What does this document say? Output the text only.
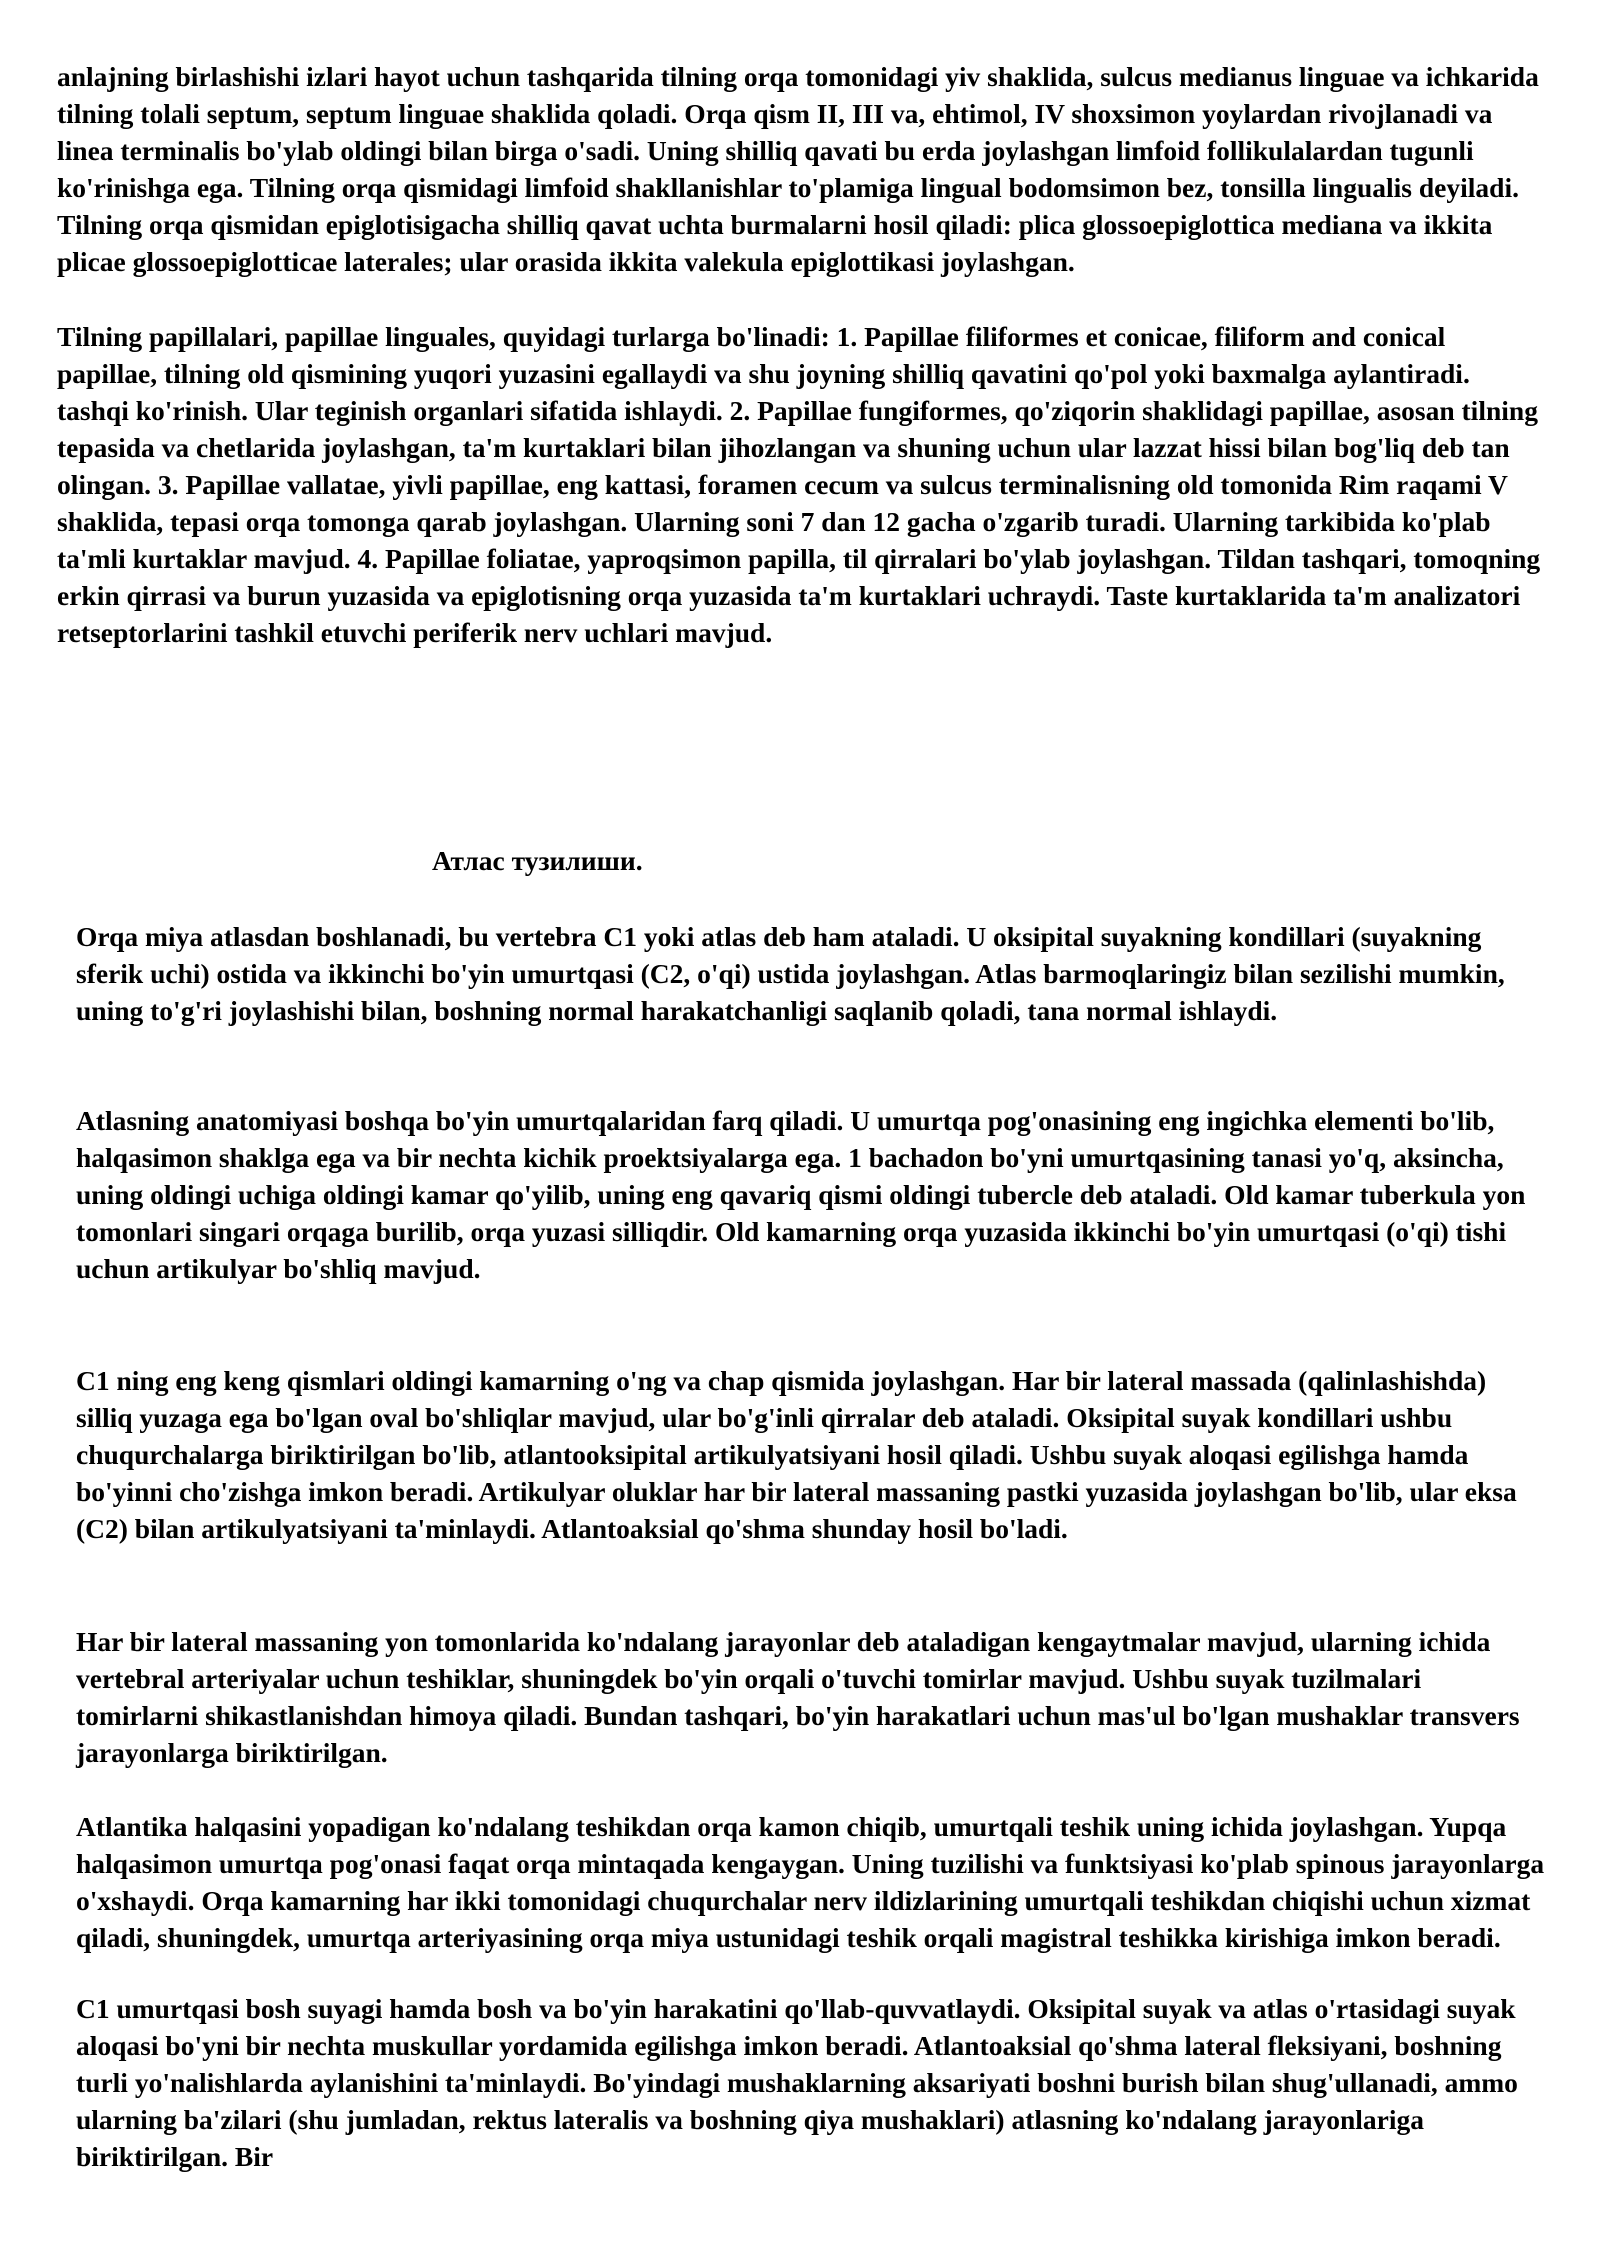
anlajning birlashishi izlari hayot uchun tashqarida tilning orqa tomonidagi yiv shaklida, sulcus medianus linguae va ichkarida tilning tolali septum, septum linguae shaklida qoladi. Orqa qism II, III va, ehtimol, IV shoxsimon yoylardan rivojlanadi va linea terminalis bo'ylab oldingi bilan birga o'sadi. Uning shilliq qavati bu erda joylashgan limfoid follikulalardan tugunli ko'rinishga ega. Tilning orqa qismidagi limfoid shakllanishlar to'plamiga lingual bodomsimon bez, tonsilla lingualis deyiladi. Tilning orqa qismidan epiglotisigacha shilliq qavat uchta burmalarni hosil qiladi: plica glossoepiglottica mediana va ikkita plicae glossoepiglotticae laterales; ular orasida ikkita valekula epiglottikasi joylashgan.

Tilning papillalari, papillae linguales, quyidagi turlarga bo'linadi: 1. Papillae filiformes et conicae, filiform and conical papillae, tilning old qismining yuqori yuzasini egallaydi va shu joyning shilliq qavatini qo'pol yoki baxmalga aylantiradi. tashqi ko'rinish. Ular teginish organlari sifatida ishlaydi. 2. Papillae fungiformes, qo'ziqorin shaklidagi papillae, asosan tilning tepasida va chetlarida joylashgan, ta'm kurtaklari bilan jihozlangan va shuning uchun ular lazzat hissi bilan bog'liq deb tan olingan. 3. Papillae vallatae, yivli papillae, eng kattasi, foramen cecum va sulcus terminalisning old tomonida Rim raqami V shaklida, tepasi orqa tomonga qarab joylashgan. Ularning soni 7 dan 12 gacha o'zgarib turadi. Ularning tarkibida ko'plab ta'mli kurtaklar mavjud. 4. Papillae foliatae, yaproqsimon papilla, til qirralari bo'ylab joylashgan. Tildan tashqari, tomoqning erkin qirrasi va burun yuzasida va epiglotisning orqa yuzasida ta'm kurtaklari uchraydi. Taste kurtaklarida ta'm analizatori retseptorlarini tashkil etuvchi periferik nerv uchlari mavjud.

Атлас тузилиши.

Orqa miya atlasdan boshlanadi, bu vertebra C1 yoki atlas deb ham ataladi. U oksipital suyakning kondillari (suyakning sferik uchi) ostida va ikkinchi bo'yin umurtqasi (C2, o'qi) ustida joylashgan. Atlas barmoqlaringiz bilan sezilishi mumkin, uning to'g'ri joylashishi bilan, boshning normal harakatchanligi saqlanib qoladi, tana normal ishlaydi.

Atlasning anatomiyasi boshqa bo'yin umurtqalaridan farq qiladi. U umurtqa pog'onasining eng ingichka elementi bo'lib, halqasimon shaklga ega va bir nechta kichik proektsiyalarga ega. 1 bachadon bo'yni umurtqasining tanasi yo'q, aksincha, uning oldingi uchiga oldingi kamar qo'yilib, uning eng qavariq qismi oldingi tubercle deb ataladi. Old kamar tuberkula yon tomonlari singari orqaga burilib, orqa yuzasi silliqdir. Old kamarning orqa yuzasida ikkinchi bo'yin umurtqasi (o'qi) tishi uchun artikulyar bo'shliq mavjud.

C1 ning eng keng qismlari oldingi kamarning o'ng va chap qismida joylashgan. Har bir lateral massada (qalinlashishda) silliq yuzaga ega bo'lgan oval bo'shliqlar mavjud, ular bo'g'inli qirralar deb ataladi. Oksipital suyak kondillari ushbu chuqurchalarga biriktirilgan bo'lib, atlantooksipital artikulyatsiyani hosil qiladi. Ushbu suyak aloqasi egilishga hamda bo'yinni cho'zishga imkon beradi. Artikulyar oluklar har bir lateral massaning pastki yuzasida joylashgan bo'lib, ular eksa (C2) bilan artikulyatsiyani ta'minlaydi. Atlantoaksial qo'shma shunday hosil bo'ladi.

Har bir lateral massaning yon tomonlarida ko'ndalang jarayonlar deb ataladigan kengaytmalar mavjud, ularning ichida vertebral arteriyalar uchun teshiklar, shuningdek bo'yin orqali o'tuvchi tomirlar mavjud. Ushbu suyak tuzilmalari tomirlarni shikastlanishdan himoya qiladi. Bundan tashqari, bo'yin harakatlari uchun mas'ul bo'lgan mushaklar transvers jarayonlarga biriktirilgan.

Atlantika halqasini yopadigan ko'ndalang teshikdan orqa kamon chiqib, umurtqali teshik uning ichida joylashgan. Yupqa halqasimon umurtqa pog'onasi faqat orqa mintaqada kengaygan. Uning tuzilishi va funktsiyasi ko'plab spinous jarayonlarga o'xshaydi. Orqa kamarning har ikki tomonidagi chuqurchalar nerv ildizlarining umurtqali teshikdan chiqishi uchun xizmat qiladi, shuningdek, umurtqa arteriyasining orqa miya ustunidagi teshik orqali magistral teshikka kirishiga imkon beradi.

C1 umurtqasi bosh suyagi hamda bosh va bo'yin harakatini qo'llab-quvvatlaydi. Oksipital suyak va atlas o'rtasidagi suyak aloqasi bo'yni bir nechta muskullar yordamida egilishga imkon beradi. Atlantoaksial qo'shma lateral fleksiyani, boshning turli yo'nalishlarda aylanishini ta'minlaydi. Bo'yindagi mushaklarning aksariyati boshni burish bilan shug'ullanadi, ammo ularning ba'zilari (shu jumladan, rektus lateralis va boshning qiya mushaklari) atlasning ko'ndalang jarayonlariga biriktirilgan. Bir
